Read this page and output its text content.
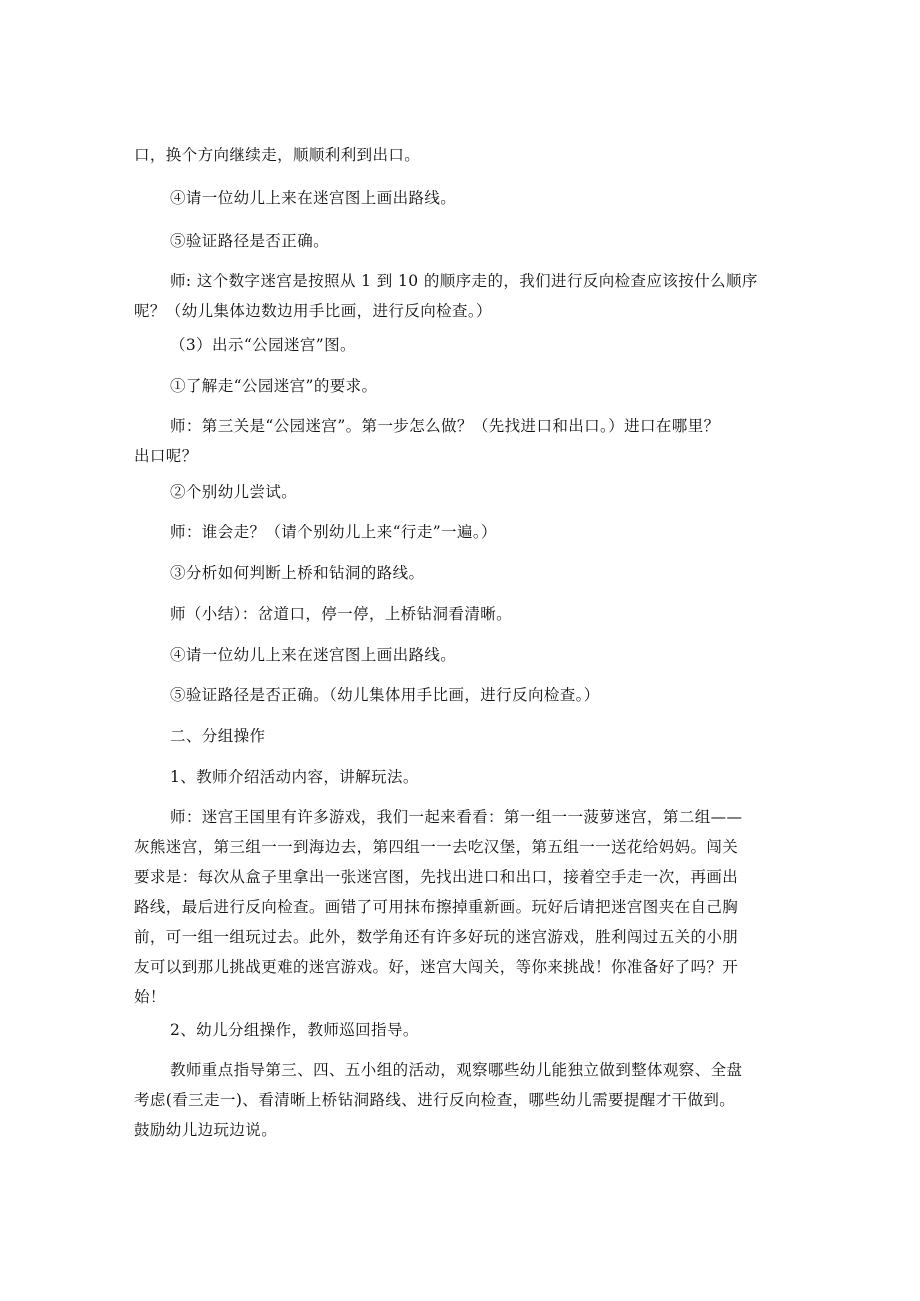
口，换个方向继续走，顺顺利利到出口。

④请一位幼儿上来在迷宫图上画出路线。

⑤验证路径是否正确。

师: 这个数字迷宫是按照从 1 到 10 的顺序走的，我们进行反向检查应该按什么顺序
呢？（幼儿集体边数边用手比画，进行反向检查。）

（3）出示“公园迷宫”图。

①了解走“公园迷宫”的要求。

师：第三关是“公园迷宫”。第一步怎么做？（先找进口和出口。）进口在哪里？
出口呢？

②个别幼儿尝试。

师：谁会走？（请个别幼儿上来“行走”一遍。）

③分析如何判断上桥和钻洞的路线。

师（小结）：岔道口，停一停，上桥钻洞看清晰。

④请一位幼儿上来在迷宫图上画出路线。

⑤验证路径是否正确。（幼儿集体用手比画，进行反向检查。）

二、分组操作

1、教师介绍活动内容，讲解玩法。

师：迷宫王国里有许多游戏，我们一起来看看：第一组一一菠萝迷宫，第二组——
灰熊迷宫，第三组一一到海边去，第四组一一去吃汉堡，第五组一一送花给妈妈。闯关
要求是：每次从盒子里拿出一张迷宫图，先找出进口和出口，接着空手走一次，再画出
路线，最后进行反向检查。画错了可用抹布擦掉重新画。玩好后请把迷宫图夹在自己胸
前，可一组一组玩过去。此外，数学角还有许多好玩的迷宫游戏，胜利闯过五关的小朋
友可以到那儿挑战更难的迷宫游戏。好，迷宫大闯关，等你来挑战！你准备好了吗？开
始！

2、幼儿分组操作，教师巡回指导。

教师重点指导第三、四、五小组的活动，观察哪些幼儿能独立做到整体观察、全盘
考虑(看三走一)、看清晰上桥钻洞路线、进行反向检查，哪些幼儿需要提醒才干做到。
鼓励幼儿边玩边说。
